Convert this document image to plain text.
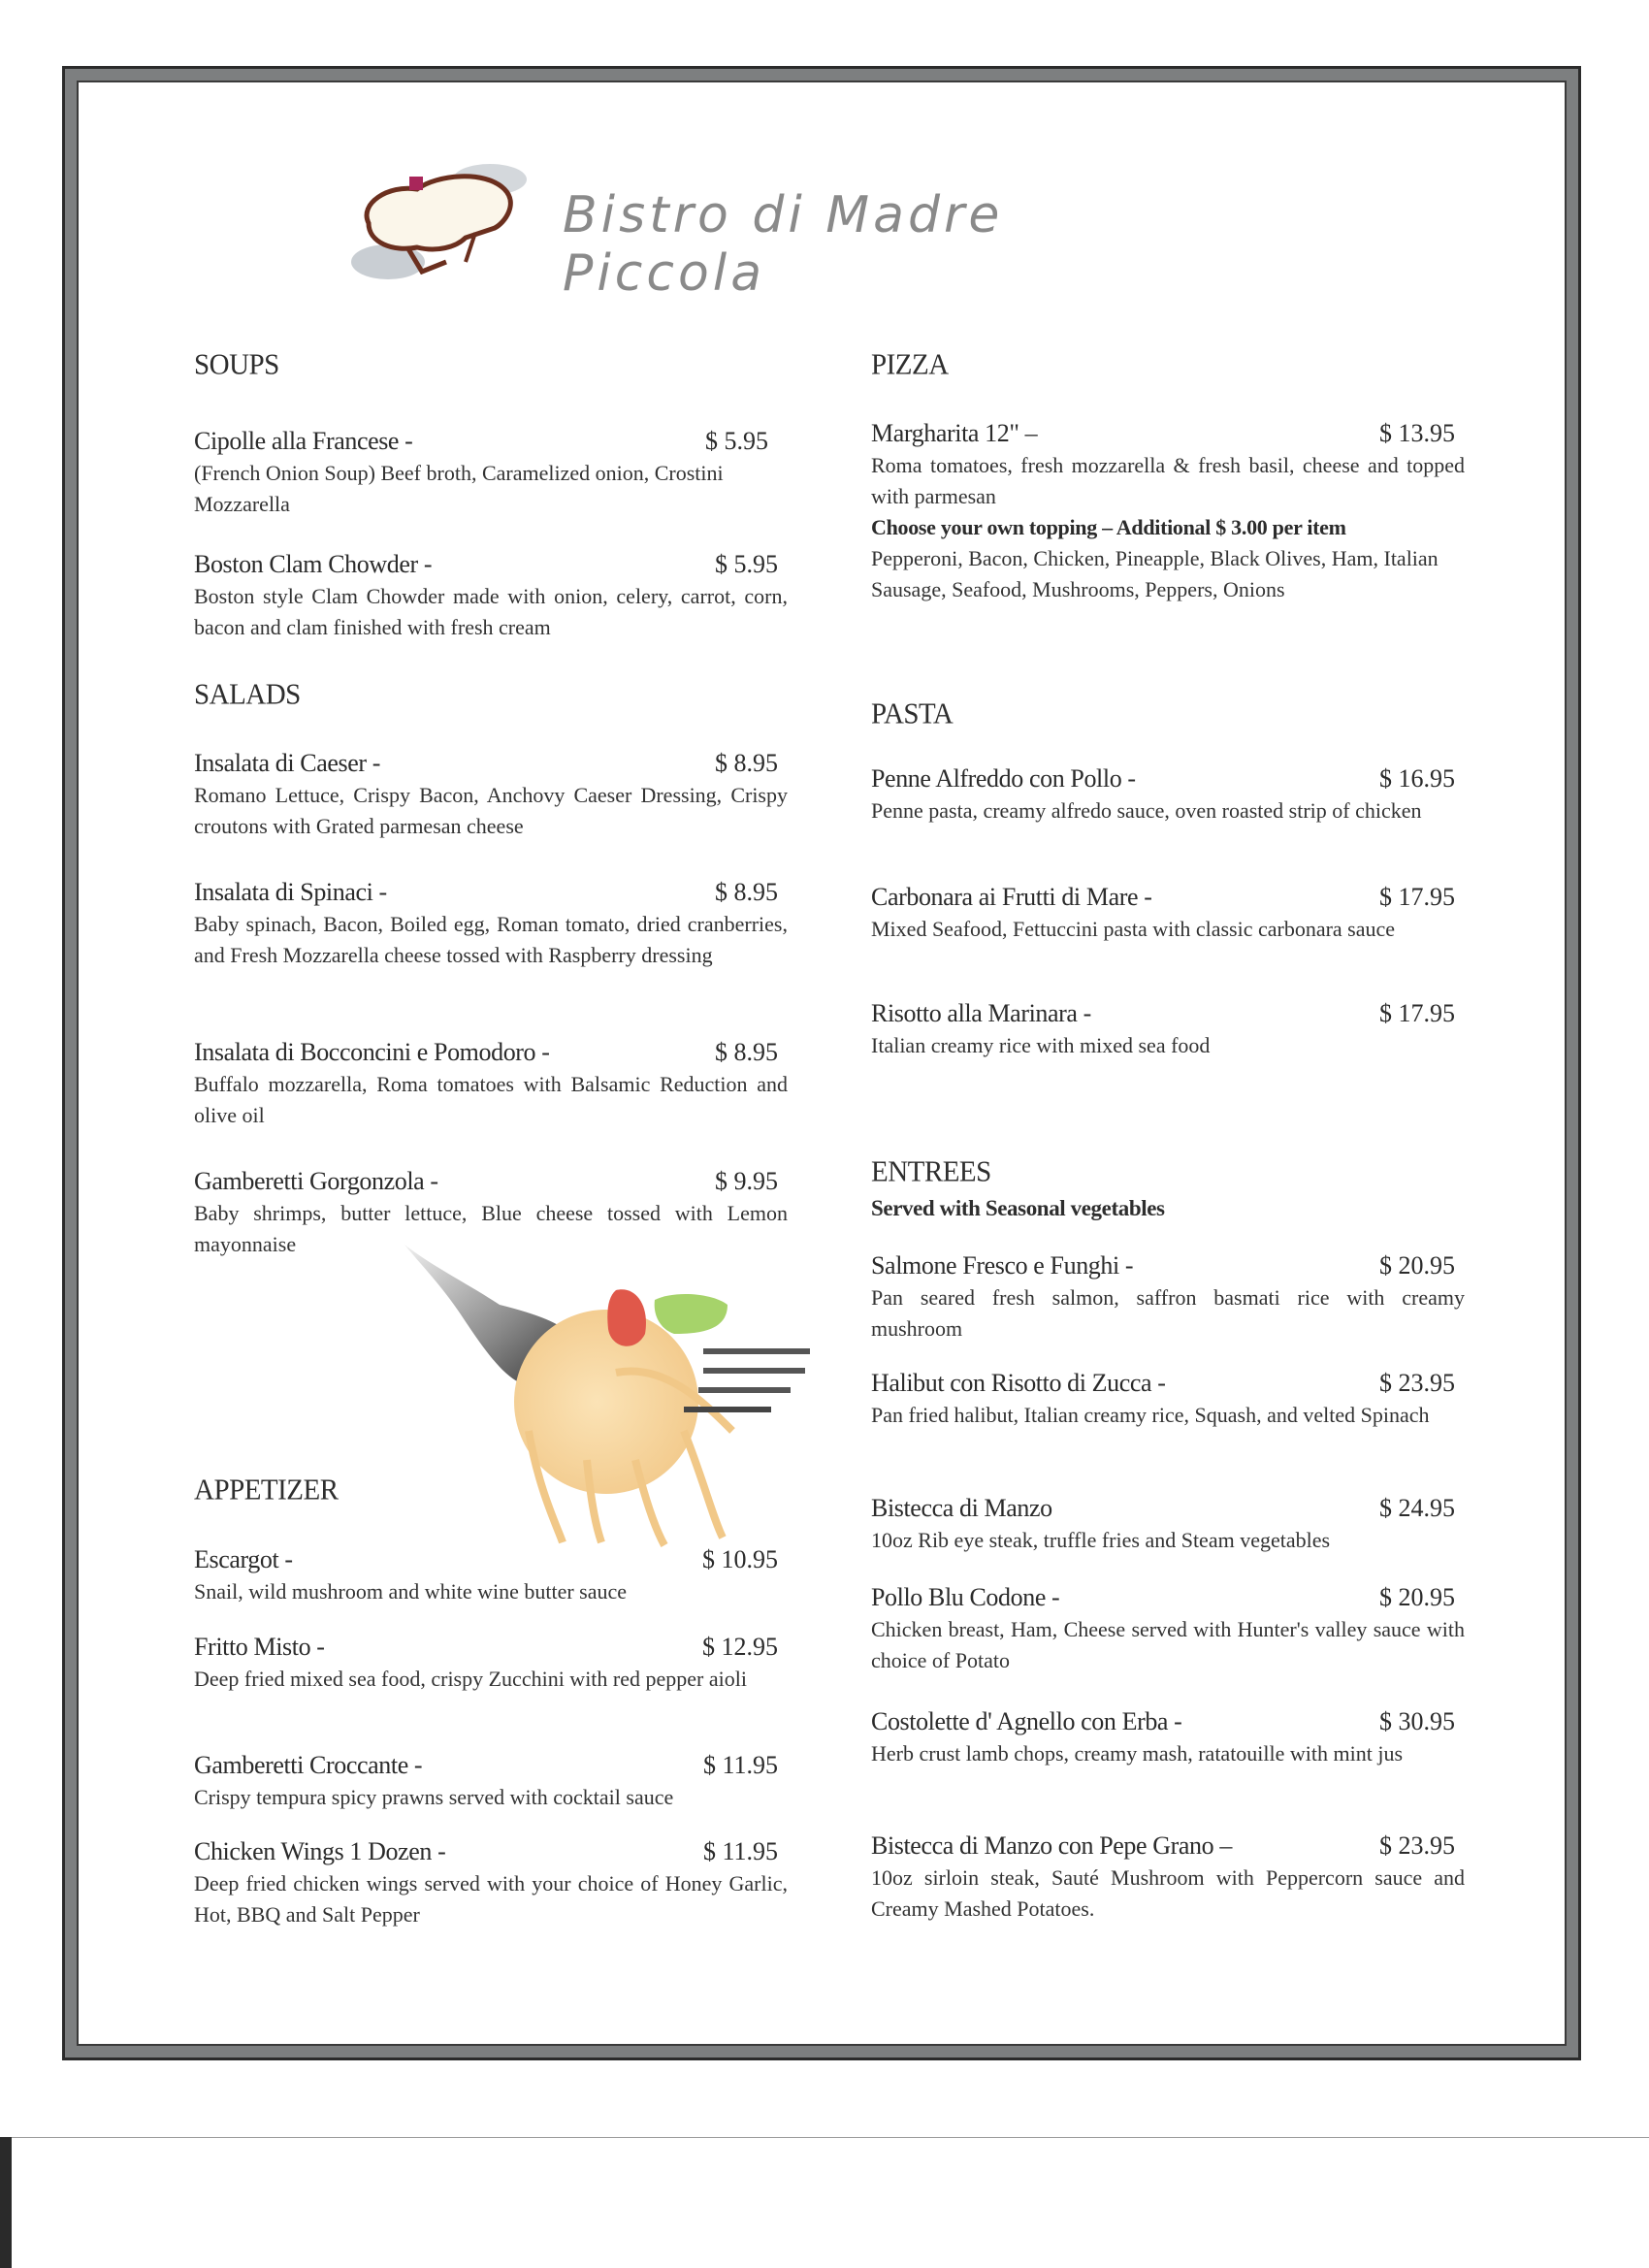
Bistro di Madre Piccola
SOUPS
Cipolle alla Francese -	$ 5.95
(French Onion Soup) Beef broth, Caramelized onion, Crostini Mozzarella
Boston Clam Chowder -	$ 5.95
Boston style Clam Chowder made with onion, celery, carrot, corn, bacon and clam finished with fresh cream
SALADS
Insalata di Caeser -	$ 8.95
Romano Lettuce, Crispy Bacon, Anchovy Caeser Dressing, Crispy croutons with Grated parmesan cheese
Insalata di Spinaci -	$ 8.95
Baby spinach, Bacon, Boiled egg, Roman tomato, dried cranberries, and Fresh Mozzarella cheese tossed with Raspberry dressing
Insalata di Bocconcini e Pomodoro -	$ 8.95
Buffalo mozzarella, Roma tomatoes with Balsamic Reduction and olive oil
Gamberetti Gorgonzola -	$ 9.95
Baby shrimps, butter lettuce, Blue cheese tossed with Lemon mayonnaise
APPETIZER
Escargot -	$ 10.95
Snail, wild mushroom and white wine butter sauce
Fritto Misto -	$ 12.95
Deep fried mixed sea food, crispy Zucchini with red pepper aioli
Gamberetti Croccante -	$ 11.95
Crispy tempura spicy prawns served with cocktail sauce
Chicken Wings 1 Dozen -	$ 11.95
Deep fried chicken wings served with your choice of Honey Garlic, Hot, BBQ and Salt Pepper
PIZZA
Margharita 12" –	$ 13.95
Roma tomatoes, fresh mozzarella & fresh basil, cheese and topped with parmesan
Choose your own topping – Additional $ 3.00 per item
Pepperoni, Bacon, Chicken, Pineapple, Black Olives, Ham, Italian Sausage, Seafood, Mushrooms, Peppers, Onions
PASTA
Penne Alfreddo con Pollo -	$ 16.95
Penne pasta, creamy alfredo sauce, oven roasted strip of chicken
Carbonara ai Frutti di Mare -	$ 17.95
Mixed Seafood, Fettuccini pasta with classic carbonara sauce
Risotto alla Marinara -	$ 17.95
Italian creamy rice with mixed sea food
ENTREES
Served with Seasonal vegetables
Salmone Fresco e Funghi -	$ 20.95
Pan seared fresh salmon, saffron basmati rice with creamy mushroom
Halibut con Risotto di Zucca -	$ 23.95
Pan fried halibut, Italian creamy rice, Squash, and velted Spinach
Bistecca di Manzo	$ 24.95
10oz Rib eye steak, truffle fries and Steam vegetables
Pollo Blu Codone -	$ 20.95
Chicken breast, Ham, Cheese served with Hunter's valley sauce with choice of Potato
Costolette d' Agnello con Erba -	$ 30.95
Herb crust lamb chops, creamy mash, ratatouille with mint jus
Bistecca di Manzo con Pepe Grano –	$ 23.95
10oz sirloin steak, Sauté Mushroom with Peppercorn sauce and Creamy Mashed Potatoes.
